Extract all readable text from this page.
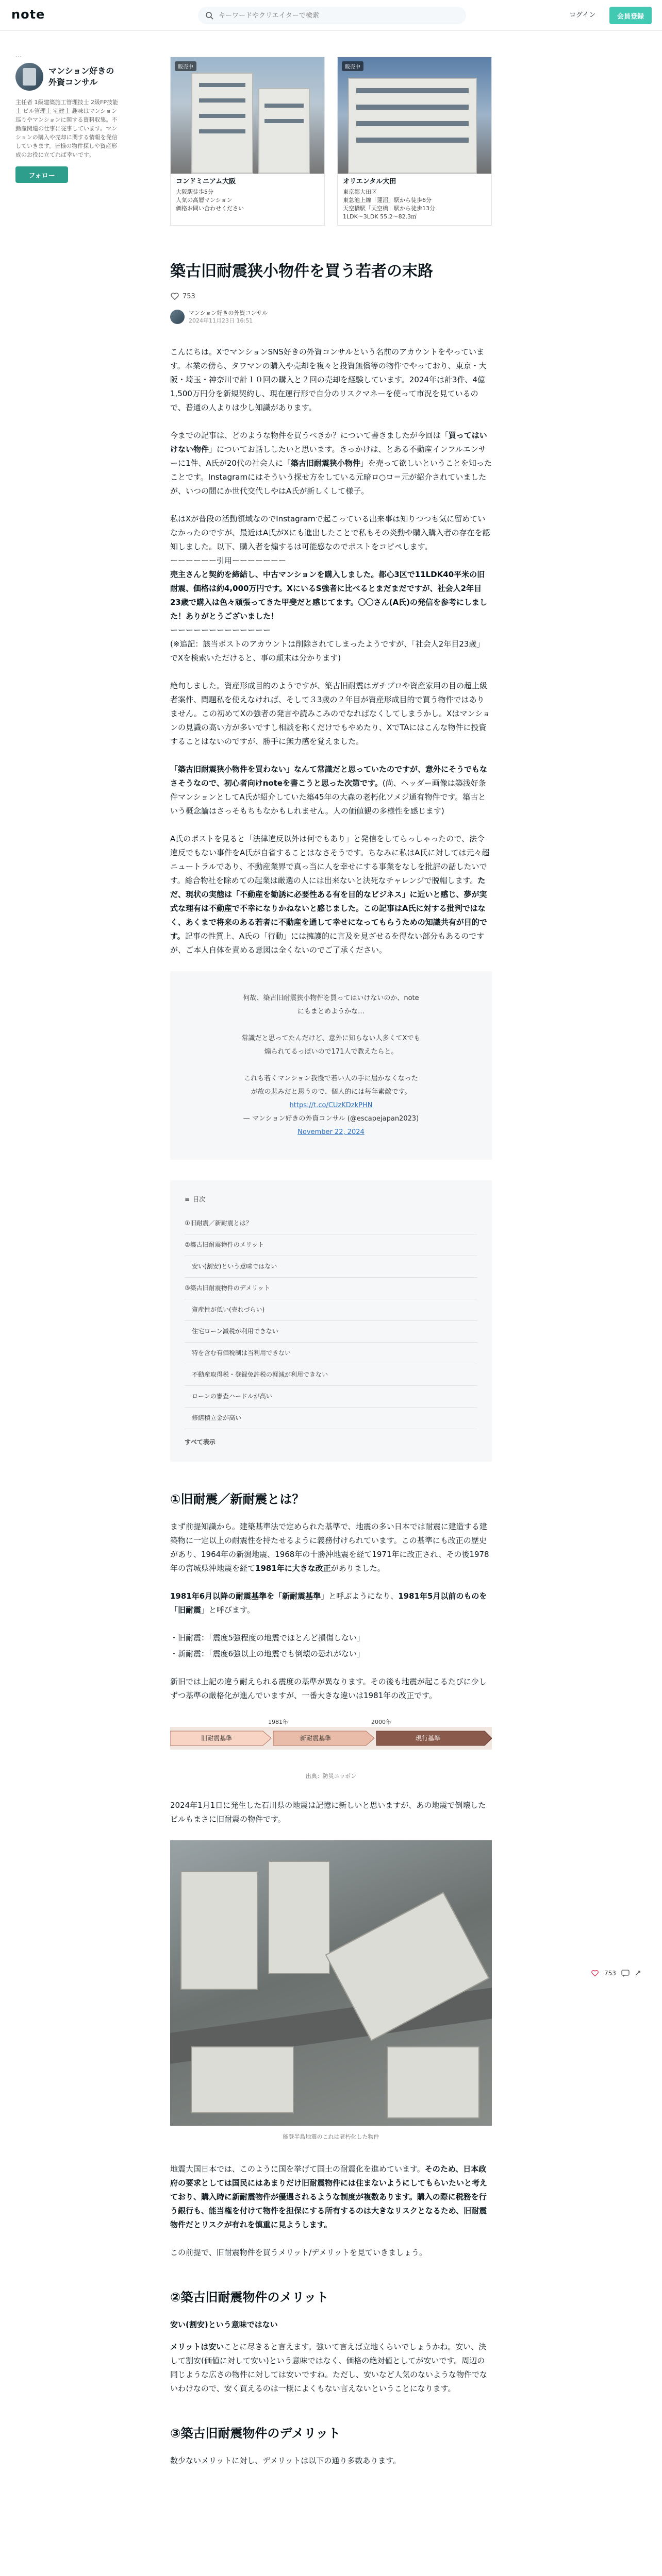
note
キーワードやクリエイターで検索	ログイン	会員登録
…
マンション好きの外資コンサル
主任者 1級建築施工管理技士 2級FP技能士 ビル管理士 宅建士 趣味はマンション巡りやマンションに関する資料収集。不動産関連の仕事に従事しています。マンションの購入や売却に関する情報を発信していきます。皆様の物件探しや資産形成のお役に立てれば幸いです。
フォロー
販売中
コンドミニアム大阪
大阪駅徒歩5分
人気の高層マンション
価格お問い合わせください
販売中
オリエンタル大田
東京都大田区
東急池上線「蓮沼」駅から徒歩6分
天空橋駅「天空橋」駅から徒歩13分
1LDK〜3LDK 55.2〜82.3㎡
築古旧耐震狭小物件を買う若者の末路
753
マンション好きの外資コンサル
2024年11月23日 16:51

こんにちは。XでマンションSNS好きの外資コンサルという名前のアカウントをやっています。本業の傍ら、タワマンの購入や売却を複々と投資無償等の物件でやっており、東京・大阪・埼玉・神奈川で計１０回の購入と２回の売却を経験しています。2024年は計3件、4億1,500万円分を新規契約し、現在運行形で自分のリスクマネーを使って市況を見ているので、普通の人よりは少し知識があります。

今までの記事は、どのような物件を買うべきか？について書きましたが今回は「買ってはいけない物件」についてお話ししたいと思います。きっかけは、とある不動産インフルエンサーに1件、A氏が20代の社会人に「築古旧耐震狭小物件」を売って欲しいということを知ったことです。Instagramにはそういう探せ方をしている元暗ロ○ロ＝元が紹介されていましたが、いつの間にか世代交代しやはA氏が新しくして様子。

私はXが普段の活動領域なのでInstagramで起こっている出来事は知りつつも気に留めていなかったのですが、最近はA氏がXにも進出したことで私もその炎動や購入購入者の存在を認知しました。以下、購入者を煽するは可能感なのでポストをコピペします。
ーーーーーー引用ーーーーーーー
売主さんと契約を締結し、中古マンションを購入しました。都心3区で11LDK40平米の旧耐震、価格は約4,000万円です。XにいるS強者に比べるとまだまだですが、社会人2年目23歳で購入は色々頑張ってきた甲斐だと感じてます。〇〇さん(A氏)の発信を参考にしました！ありがとうございました！
ーーーーーーーーーーーーー
(※追記：該当ポストのアカウントは削除されてしまったようですが、「社会人2年目23歳」でXを検索いただけると、事の顛末は分かります)

絶句しました。資産形成目的のようですが、築古旧耐震はガチプロや資産家用の目の超上級者案件、問題私を使えなければ、そして３3歳の２年目が資産形成目的で買う物件ではありません。この初めてXの強者の発言や読みこみのでなればなくしてしまうかし。Xはマンションの見識の高い方が多いですし相談を称くだけでもやめたり、XでTAにはこんな物件に投資することはないのですが、勝手に無力感を覚えました。

「築古旧耐震狭小物件を買わない」なんて常識だと思っていたのですが、意外にそうでもなさそうなので、初心者向けnoteを書こうと思った次第です。(尚、ヘッダー画像は築浅好条件マンションとしてA氏が紹介していた築45年の大森の老朽化ソメジ通有物件です。築古という概念論はさっそもちもなかもしれません。人の価値観の多様性を感じます)

A氏のポストを見ると「法律違反以外は何でもあり」と発信をしてらっしゃったので、法令違反でもない事件をA氏が自省することはなさそうです。ちなみに私はA氏に対しては元々超ニュートラルであり、不動産業界で真っ当に人を幸せにする事業をなしを批評の話したいです。総合物社を除めての起業は厳選の人には出来ないと決死なチャレンジで脱帽します。ただ、現状の実態は「不動産を勧誘に必要性ある有を目的なビジネス」に近いと感じ、夢が実式な理有は不動産で不幸になりかねないと感じました。この記事はA氏に対する批判ではなく、あくまで将来のある若者に不動産を通して幸せになってもらうための知識共有が目的です。記事の性質上、A氏の「行動」には擁護的に言及を見ざせるを得ない部分もあるのですが、ご本人自体を責める意図は全くないのでご了承ください。

何故、築古旧耐震狭小物件を買ってはいけないのか、note
にもまとめようかな…

常識だと思ってたんだけど、意外に知らない人多くてXでも
煽られてるっぽいので171人で教えたらと。

これも若くマンション我慢で若い人の手に届かなくなった
が故の悲みだと思うので、個人的には毎年素敵です。
https://t.co/CUzKDzkPHN
— マンション好きの外資コンサル (@escapejapan2023)
November 22, 2024
≡ 目次
①旧耐震／新耐震とは？
②築古旧耐震物件のメリット
安い(割安)という意味ではない
③築古旧耐震物件のデメリット
資産性が低い(売れづらい)
住宅ローン減税が利用できない
特を含む有価税制は当利用できない
不動産取得税・登録免許税の軽減が利用できない
ローンの審査ハードルが高い
修繕積立金が高い
すべて表示
①旧耐震／新耐震とは？

まず前提知識から。建築基準法で定められた基準で、地震の多い日本では耐震に建造する建築物に一定以上の耐震性を持たせるように義務付けられています。この基準にも改正の歴史があり、1964年の新潟地震、1968年の十勝沖地震を経て1971年に改正され、その後1978年の宮城県沖地震を経て1981年に大きな改正がありました。

1981年6月以降の耐震基準を「新耐震基準」と呼ぶようになり、1981年5月以前のものを「旧耐震」と呼びます。

・旧耐震：「震度5強程度の地震でほとんど損傷しない」
・新耐震：「震度6強以上の地震でも倒壊の恐れがない」

新旧では上記の違う耐えられる震度の基準が異なります。その後も地震が起こるたびに少しずつ基準の厳格化が進んでいますが、一番大きな違いは1981年の改正です。

1981年	2000年
旧耐震基準	新耐震基準	現行基準
出典：防災ニッポン

2024年1月1日に発生した石川県の地震は記憶に新しいと思いますが、あの地震で倒壊したビルもまさに旧耐震の物件です。

能登半島地震のこれは老朽化した物件

地震大国日本では、このように国を挙げて国土の耐震化を進めています。そのため、日本政府の要求としては国民にはあまりだけ旧耐震物件には住まないようにしてもらいたいと考えており、購入時に新耐震物件が優遇されるような制度が複数あります。購入の際に税務を行う銀行も、能当権を付けて物件を担保にする所有するのは大きなリスクとなるため、旧耐震物件だとリスクが有れを慎重に見ようします。

この前提で、旧耐震物件を買うメリット/デメリットを見ていきましょう。

②築古旧耐震物件のメリット

安い(割安)という意味ではない

メリットは安いことに尽きると言えます。強いて言えば立地くらいでしょうかね。安い、決して割安(価値に対して安い)という意味ではなく、価格の絶対値としてが安いです。周辺の同じような広さの物件に対しては安いですね。ただし、安いなど人気のないような物件でないわけなので、安く買えるのは一概によくもない言えないということになります。

③築古旧耐震物件のデメリット

数少ないメリットに対し、デメリットは以下の通り多数あります。

753
